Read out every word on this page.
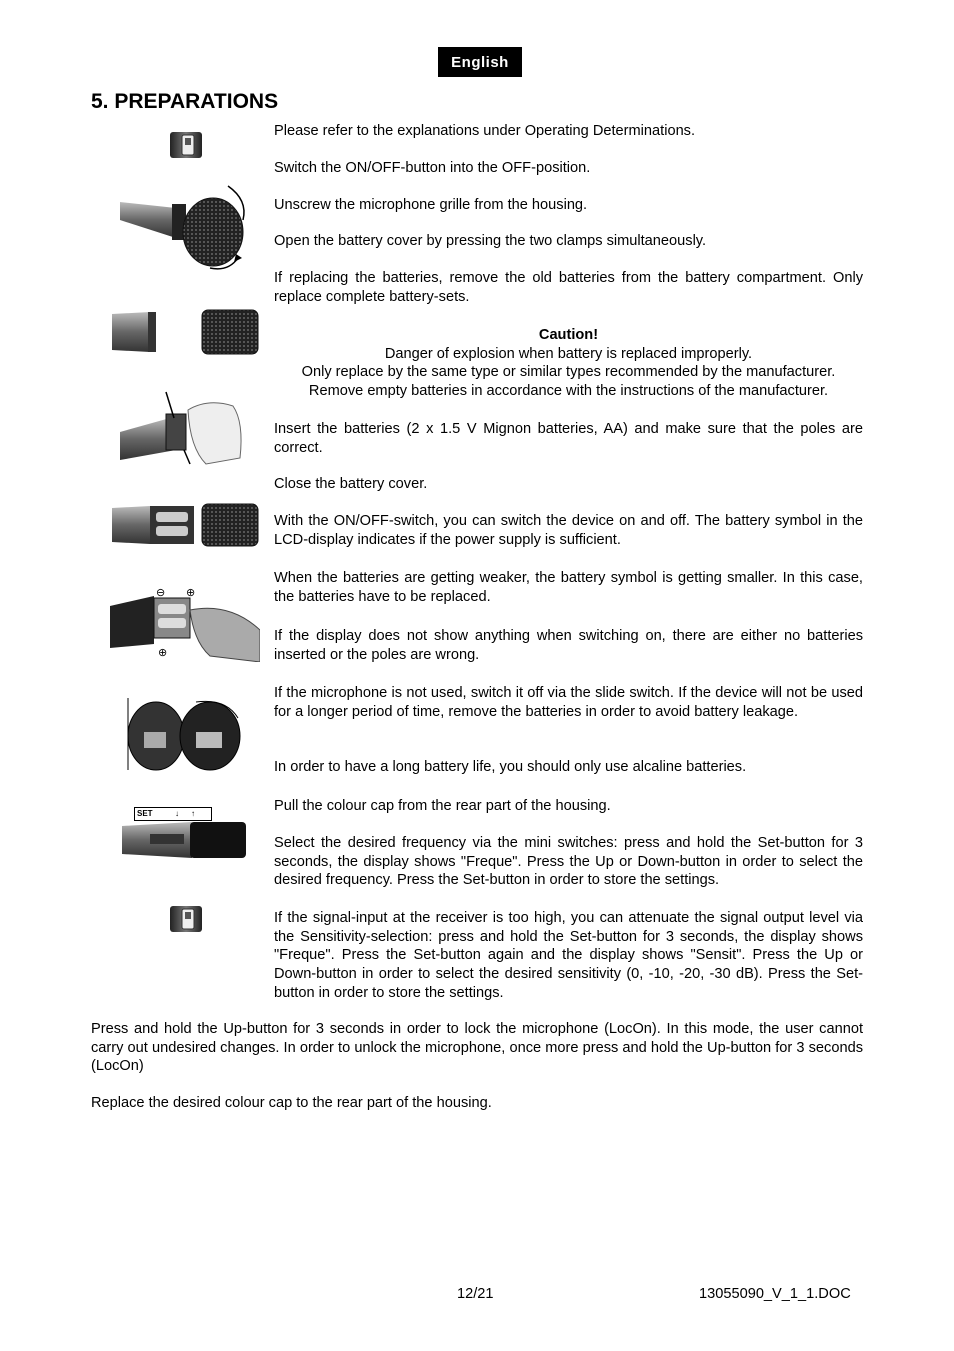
English
5. PREPARATIONS
⊖ ⊕
⊕
SET	↓ ↑
Please refer to the explanations under Operating Determinations.
Switch the ON/OFF-button into the OFF-position.
Unscrew the microphone grille from the housing.
Open the battery cover by pressing the two clamps simultaneously.
If replacing the batteries, remove the old batteries from the battery compartment. Only replace complete battery-sets.
Caution!
Danger of explosion when battery is replaced improperly.
Only replace by the same type or similar types recommended by the manufacturer.
Remove empty batteries in accordance with the instructions of the manufacturer.
Insert the batteries (2 x 1.5 V Mignon batteries, AA) and make sure that the poles are correct.
Close the battery cover.
With the ON/OFF-switch, you can switch the device on and off. The battery symbol in the LCD-display indicates if the power supply is sufficient.
When the batteries are getting weaker, the battery symbol is getting smaller. In this case, the batteries have to be replaced.
If the display does not show anything when switching on, there are either no batteries inserted or the poles are wrong.
If the microphone is not used, switch it off via the slide switch. If the device will not be used for a longer period of time, remove the batteries in order to avoid battery leakage.
In order to have a long battery life, you should only use alcaline batteries.
Pull the colour cap from the rear part of the housing.
Select the desired frequency via the mini switches: press and hold the Set-button for 3 seconds, the display shows "Freque". Press the Up or Down-button in order to select the desired frequency. Press the Set-button in order to store the settings.
If the signal-input at the receiver is too high, you can attenuate the signal output level via the Sensitivity-selection: press and hold the Set-button for 3 seconds, the display shows "Freque". Press the Set-button again and the display shows "Sensit". Press the Up or Down-button in order to select the desired sensitivity (0, -10, -20, -30 dB). Press the Set-button in order to store the settings.
Press and hold the Up-button for 3 seconds in order to lock the microphone (LocOn). In this mode, the user cannot carry out undesired changes. In order to unlock the microphone, once more press and hold the Up-button for 3 seconds (LocOn)
Replace the desired colour cap to the rear part of the housing.
12/21	13055090_V_1_1.DOC
